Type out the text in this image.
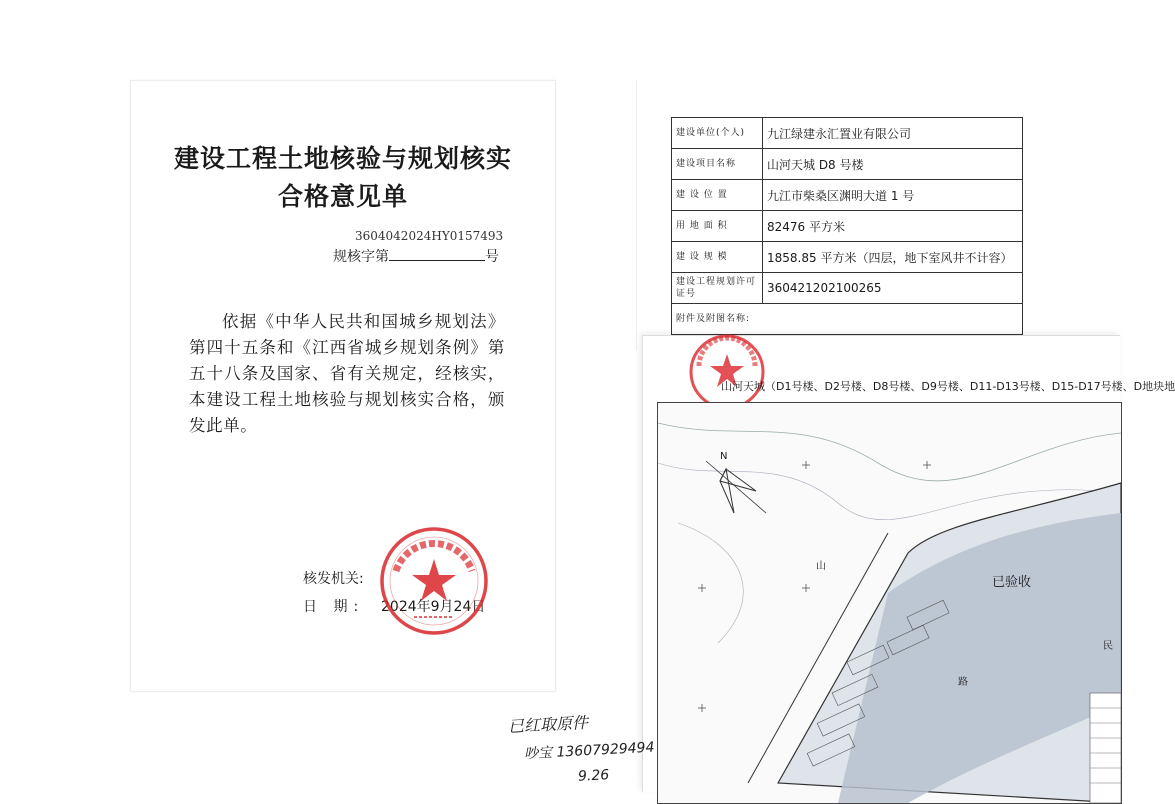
建设工程土地核验与规划核实
合格意见单
3604042024HY0157493
规核字第	号
依据《中华人民共和国城乡规划法》第四十五条和《江西省城乡规划条例》第五十八条及国家、省有关规定，经核实，本建设工程土地核验与规划核实合格，颁发此单。
核发机关:
日 期: 2024年9月24日
建设单位(个人)	九江绿建永汇置业有限公司
建设项目名称	山河天城 D8 号楼
建 设 位 置	九江市柴桑区渊明大道 1 号
用 地 面 积	82476 平方米
建 设 规 模	1858.85 平方米（四层，地下室风井不计容）
建设工程规划许可证号	360421202100265
附件及附图名称:	
山河天城（D1号楼、D2号楼、D8号楼、D9号楼、D11-D13号楼、D15-D17号楼、D地块地
N
山
已验收
民
路
已红取原件
吵宝 13607929494
9.26
